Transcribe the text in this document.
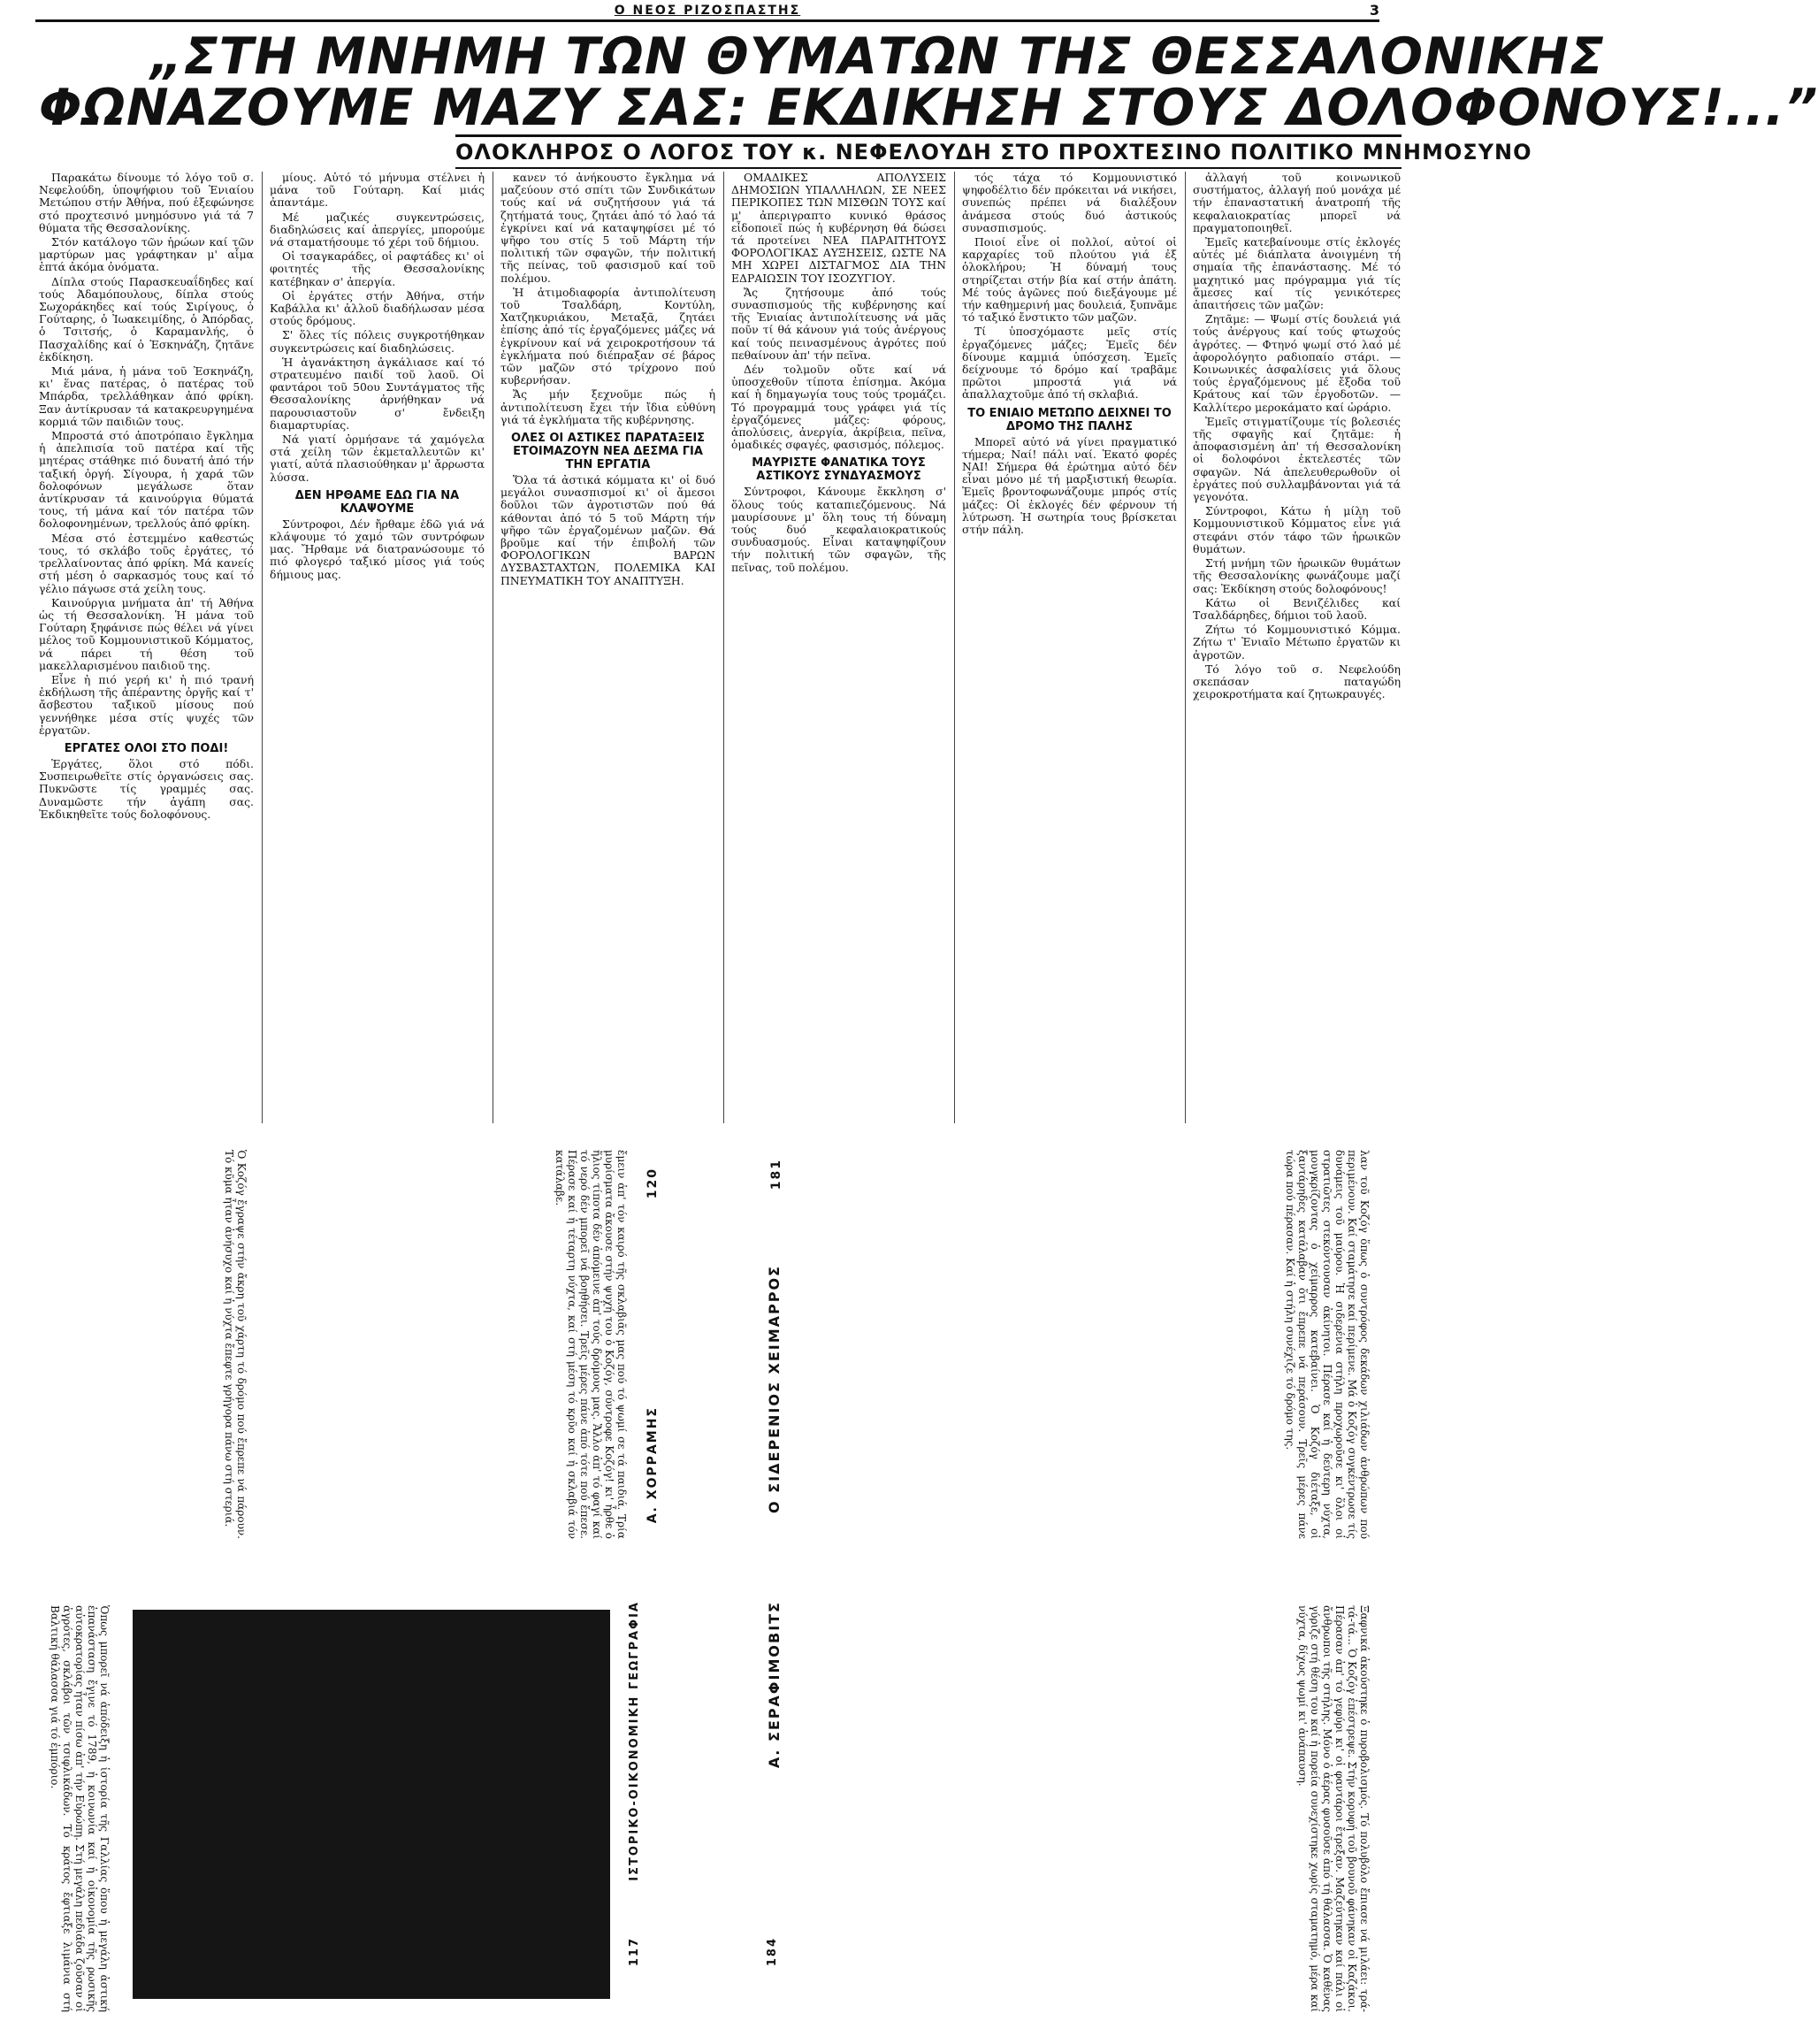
Ο ΝΕΟΣ ΡΙΖΟΣΠΑΣΤΗΣ	3
„ΣΤΗ ΜΝΗΜΗ ΤΩΝ ΘΥΜΑΤΩΝ ΤΗΣ ΘΕΣΣΑΛΟΝΙΚΗΣ
ΦΩΝΑΖΟΥΜΕ ΜΑΖΥ ΣΑΣ: ΕΚΔΙΚΗΣΗ ΣΤΟΥΣ ΔΟΛΟΦΟΝΟΥΣ!...”
ΟΛΟΚΛΗΡΟΣ Ο ΛΟΓΟΣ ΤΟΥ κ. ΝΕΦΕΛΟΥΔΗ ΣΤΟ ΠΡΟΧΤΕΣΙΝΟ ΠΟΛΙΤΙΚΟ ΜΝΗΜΟΣΥΝΟ

Παρακάτω δίνουμε τό λόγο τοῦ σ. Νεφελούδη, ὑποψήφιου τοῦ Ἑνιαίου Μετώπου στήν Ἀθήνα, πού ἐξεφώνησε στό προχτεσινό μνημόσυνο γιά τά 7 θύματα τῆς Θεσσαλονίκης.

Στόν κατάλογο τῶν ἡρώων καί τῶν μαρτύρων μας γράφτηκαν μ' αἷμα ἑπτά ἀκόμα ὀνόματα.

Δίπλα στούς Παρασκευαΐδηδες καί τούς Ἀδαμόπουλους, δίπλα στούς Σωχοράκηδες καί τούς Σιρίγους, ὁ Γούταρης, ὁ Ἰωακειμίδης, ὁ Ἀπόρδας, ὁ Τσιτσής, ὁ Καραμανλής, ὁ Πασχαλίδης καί ὁ Ἐσκηνάζη, ζητᾶνε ἐκδίκηση.

Μιά μάνα, ἡ μάνα τοῦ Ἐσκηνάζη, κι' ἕνας πατέρας, ὁ πατέρας τοῦ Μπάρδα, τρελλάθηκαν ἀπό φρίκη. Ξαν ἀντίκρυσαν τά κατακρευργημένα κορμιά τῶν παιδιῶν τους.

Μπροστά στό ἀποτρόπαιο ἔγκλημα ἡ ἀπελπισία τοῦ πατέρα καί τῆς μητέρας στάθηκε πιό δυνατή ἀπό τήν ταξική ὀργή. Σίγουρα, ἡ χαρά τῶν δολοφόνων μεγάλωσε ὅταν ἀντίκρυσαν τά καινούργια θύματά τους, τή μάνα καί τόν πατέρα τῶν δολοφονημένων, τρελλούς ἀπό φρίκη.

Μέσα στό ἐστεμμένο καθεστώς τους, τό σκλάβο τοῦς ἐργάτες, τό τρελλαίνοντας ἀπό φρίκη. Μά κανείς στή μέση ὁ σαρκασμός τους καί τό γέλιο πάγωσε στά χείλη τους.

Καινούργια μνήματα ἀπ' τή Ἀθήνα ὡς τή Θεσσαλονίκη. Ἡ μάνα τοῦ Γούταρη ξηφάνισε πώς θέλει νά γίνει μέλος τοῦ Κομμουνιστικοῦ Κόμματος, νά πάρει τή θέση τοῦ μακελλαρισμένου παιδιοῦ της.

Εἶνε ἡ πιό γερή κι' ἡ πιό τρανή ἐκδήλωση τῆς ἀπέραντης ὀργῆς καί τ' ἄσβεστου ταξικοῦ μίσους πού γεννήθηκε μέσα στίς ψυχές τῶν ἐργατῶν.

ΕΡΓΑΤΕΣ ΟΛΟΙ ΣΤΟ ΠΟΔΙ!

Ἐργάτες, ὅλοι στό πόδι. Συσπειρωθεῖτε στίς ὀργανώσεις σας. Πυκνῶστε τίς γραμμές σας. Δυναμῶστε τήν ἀγάπη σας. Ἐκδικηθεῖτε τούς δολοφόνους.

μίους. Αὐτό τό μήνυμα στέλνει ἡ μάνα τοῦ Γούταρη. Καί μιάς ἀπαντάμε.

Μέ μαζικές συγκεντρώσεις, διαδηλώσεις καί ἀπεργίες, μπορούμε νά σταματήσουμε τό χέρι τοῦ δήμιου.

Οἱ τσαγκαράδες, οἱ ραφτάδες κι' οἱ φοιτητές τῆς Θεσσαλονίκης κατέβηκαν σ' ἀπεργία.

Οἱ ἐργάτες στήν Ἀθήνα, στήν Καβάλλα κι' ἀλλοῦ διαδήλωσαν μέσα στούς δρόμους.

Σ' ὅλες τίς πόλεις συγκροτήθηκαν συγκεντρώσεις καί διαδηλώσεις.

Ἡ ἀγανάκτηση ἀγκάλιασε καί τό στρατευμένο παιδί τοῦ λαοῦ. Οἱ φαντάροι τοῦ 50ου Συντάγματος τῆς Θεσσαλονίκης ἀρνήθηκαν νά παρουσιαστοῦν σ' ἔνδειξη διαμαρτυρίας.

Νά γιατί ὁρμήσανε τά χαμόγελα στά χείλη τῶν ἐκμεταλλευτῶν κι' γιατί, αὐτά πλασιούθηκαν μ' ἄρρωστα λύσσα.

ΔΕΝ ΗΡΘΑΜΕ ΕΔΩ ΓΙΑ ΝΑ ΚΛΑΨΟΥΜΕ

Σύντροφοι, Δέν ἤρθαμε ἐδῶ γιά νά κλάψουμε τό χαμό τῶν συντρόφων μας. Ἤρθαμε νά διατρανώσουμε τό πιό φλογερό ταξικό μίσος γιά τούς δήμιους μας.

κανεν τό ἀνήκουστο ἔγκλημα νά μαζεύουν στό σπίτι τῶν Συνδικάτων τούς καί νά συζητήσουν γιά τά ζητήματά τους, ζητάει ἀπό τό λαό τά ἐγκρίνει καί νά καταψηφίσει μέ τό ψῆφο του στίς 5 τοῦ Μάρτη τήν πολιτική τῶν σφαγῶν, τήν πολιτική τῆς πείνας, τοῦ φασισμοῦ καί τοῦ πολέμου.

Ἡ ἀτιμοδιαφορία ἀντιπολίτευση τοῦ Τσαλδάρη, Κοντύλη, Χατζηκυριάκου, Μεταξᾶ, ζητάει ἐπίσης ἀπό τίς ἐργαζόμενες μάζες νά ἐγκρίνουν καί νά χειροκροτήσουν τά ἐγκλήματα πού διέπραξαν σέ βάρος τῶν μαζῶν στό τρίχρονο πού κυβερνήσαν.

Ἄς μήν ξεχνοῦμε πώς ἡ ἀντιπολίτευση ἔχει τήν ἴδια εὐθύνη γιά τά ἐγκλήματα τῆς κυβέρνησης.

ΟΛΕΣ ΟΙ ΑΣΤΙΚΕΣ ΠΑΡΑΤΑΞΕΙΣ ΕΤΟΙΜΑΖΟΥΝ ΝΕΑ ΔΕΣΜΑ ΓΙΑ ΤΗΝ ΕΡΓΑΤΙΑ

Ὅλα τά ἀστικά κόμματα κι' οἱ δυό μεγάλοι συνασπισμοί κι' οἱ ἄμεσοι δοῦλοι τῶν ἀγροτιστῶν πού θά κάθονται ἀπό τό 5 τοῦ Μάρτη τήν ψῆφο τῶν ἐργαζομένων μαζῶν. Θά βροῦμε καί τήν ἐπιβολή τῶν ΦΟΡΟΛΟΓΙΚΩΝ ΒΑΡΩΝ ΔΥΣΒΑΣΤΑΧΤΩΝ, ΠΟΛΕΜΙΚΑ ΚΑΙ ΠΝΕΥΜΑΤΙΚΗ ΤΟΥ ΑΝΑΠΤΥΞΗ.

ΟΜΑΔΙΚΕΣ ΑΠΟΛΥΣΕΙΣ ΔΗΜΟΣΙΩΝ ΥΠΑΛΛΗΛΩΝ, ΣΕ ΝΕΕΣ ΠΕΡΙΚΟΠΕΣ ΤΩΝ ΜΙΣΘΩΝ ΤΟΥΣ καί μ' ἀπεριγραπτο κυνικό θράσος εἶδοποιεῖ πώς ἡ κυβέρνηση θά δώσει τά προτείνει ΝΕΑ ΠΑΡΑΙΤΗΤΟΥΣ ΦΟΡΟΛΟΓΙΚΑΣ ΑΥΞΗΣΕΙΣ, ΩΣΤΕ ΝΑ ΜΗ ΧΩΡΕΙ ΔΙΣΤΑΓΜΟΣ ΔΙΑ ΤΗΝ ΕΔΡΑΙΩΣΙΝ ΤΟΥ ΙΣΟΖΥΓΙΟΥ.

Ἄς ζητήσουμε ἀπό τούς συνασπισμούς τῆς κυβέρνησης καί τῆς Ἐνιαίας ἀντιπολίτευσης νά μᾶς ποῦν τί θά κάνουν γιά τούς ἀνέργους καί τούς πεινασμένους ἀγρότες πού πεθαίνουν ἀπ' τήν πεῖνα.

Δέν τολμοῦν οὔτε καί νά ὑποσχεθοῦν τίποτα ἐπίσημα. Ἀκόμα καί ἡ δημαγωγία τους τούς τρομάζει. Τό προγραμμά τους γράφει γιά τίς ἐργαζόμενες μάζες: φόρους, ἀπολύσεις, ἀνεργία, ἀκρίβεια, πεῖνα, ὁμαδικές σφαγές, φασισμός, πόλεμος.

ΜΑΥΡΙΣΤΕ ΦΑΝΑΤΙΚΑ ΤΟΥΣ ΑΣΤΙΚΟΥΣ ΣΥΝΔΥΑΣΜΟΥΣ

Σύντροφοι, Κάνουμε ἔκκληση σ' ὅλους τούς καταπιεζόμενους. Νά μαυρίσουνε μ' ὅλη τους τή δύναμη τούς δυό κεφαλαιοκρατικούς συνδυασμούς. Εἶναι καταψηφίζουν τήν πολιτική τῶν σφαγῶν, τῆς πεῖνας, τοῦ πολέμου.

τός τάχα τό Κομμουνιστικό ψηφοδέλτιο δέν πρόκειται νά νικήσει, συνεπώς πρέπει νά διαλέξουν ἀνάμεσα στούς δυό ἀστικούς συνασπισμούς.

Ποιοί εἶνε οἱ πολλοί, αὐτοί οἱ καρχαρίες τοῦ πλούτου γιά ἐξ ὁλοκλήρου; Ἡ δύναμή τους στηρίζεται στήν βία καί στήν ἀπάτη. Μέ τούς ἀγῶνες πού διεξάγουμε μέ τήν καθημερινή μας δουλειά, ξυπνᾶμε τό ταξικό ἔνστικτο τῶν μαζῶν.

Τί ὑποσχόμαστε μεῖς στίς ἐργαζόμενες μάζες; Ἐμεῖς δέν δίνουμε καμμιά ὑπόσχεση. Ἐμεῖς δείχνουμε τό δρόμο καί τραβᾶμε πρῶτοι μπροστά γιά νά ἀπαλλαχτοῦμε ἀπό τή σκλαβιά.

ΤΟ ΕΝΙΑΙΟ ΜΕΤΩΠΟ ΔΕΙΧΝΕΙ ΤΟ ΔΡΟΜΟ ΤΗΣ ΠΑΛΗΣ

Μπορεῖ αὐτό νά γίνει πραγματικό τήμερα; Ναί! πάλι ναί. Ἑκατό φορές ΝΑΙ! Σήμερα θά ἐρώτημα αὐτό δέν εἶναι μόνο μέ τή μαρξιστική θεωρία. Ἐμεῖς βροντοφωνάζουμε μπρός στίς μάζες: Οἱ ἐκλογές δέν φέρνουν τή λύτρωση. Ἡ σωτηρία τους βρίσκεται στήν πάλη.

ἀλλαγή τοῦ κοινωνικοῦ συστήματος, ἀλλαγή πού μονάχα μέ τήν ἐπαναστατική ἀνατροπή τῆς κεφαλαιοκρατίας μπορεῖ νά πραγματοποιηθεῖ.

Ἐμεῖς κατεβαίνουμε στίς ἐκλογές αὐτές μέ διάπλατα ἀνοιγμένη τή σημαία τῆς ἐπανάστασης. Μέ τό μαχητικό μας πρόγραμμα γιά τίς ἄμεσες καί τίς γενικότερες ἀπαιτήσεις τῶν μαζῶν:

Ζητᾶμε: — Ψωμί στίς δουλειά γιά τούς ἀνέργους καί τούς φτωχούς ἀγρότες. — Φτηνό ψωμί στό λαό μέ ἀφορολόγητο ραδιοπαίο στάρι. — Κοινωνικές ἀσφαλίσεις γιά ὅλους τούς ἐργαζόμενους μέ ἔξοδα τοῦ Κράτους καί τῶν ἐργοδοτῶν. — Καλλίτερο μεροκάματο καί ὡράριο.

Ἐμεῖς στιγματίζουμε τίς βολεσιές τῆς σφαγῆς καί ζητᾶμε: ἡ ἀποφασισμένη ἀπ' τή Θεσσαλονίκη οἱ δολοφόνοι ἐκτελεστές τῶν σφαγῶν. Νά ἀπελευθερωθοῦν οἱ ἐργάτες πού συλλαμβάνονται γιά τά γεγονότα.

Σύντροφοι, Κάτω ἡ μίλη τοῦ Κομμουνιστικοῦ Κόμματος εἶνε γιά στεφάνι στόν τάφο τῶν ἡρωικῶν θυμάτων.

Στή μνήμη τῶν ἡρωικῶν θυμάτων τῆς Θεσσαλονίκης φωνάζουμε μαζί σας: Ἐκδίκηση στούς δολοφόνους!

Κάτω οἱ Βενιζέλιδες καί Τσαλδάρηδες, δήμιοι τοῦ λαοῦ.

Ζήτω τό Κομμουνιστικό Κόμμα. Ζήτω τ' Ἑνιαῖο Μέτωπο ἐργατῶν κι ἀγροτῶν.

Τό λόγο τοῦ σ. Νεφελούδη σκεπάσαν παταγώδη χειροκροτήματα καί ζητωκραυγές.

Ὁ Κοζόγ ἔγραψε στήν ἄκρη τοῦ χάρτη τό δρόμο πού ἔπρεπε νά πάρουν. Τό κῦμα ἦταν ἀνήσυχο καί ἡ νύχτα ἔπεφτε γρήγορα πάνω στή στεριά.	ἔμειν ἀπ' τόν καιρό τῆς σκλαβιᾶς μας πού τό ψωμί σε τά παιδιά. Τρία μυρίσματα ἄκουσε στήν ψυχή του ὁ Κοζόγ, σύντροφε Κοζόγ! κι' ἦρθε ὁ ἥλιος τίποτα δέν ἀπόμεινε ἀπ' τούς δρόμους μας. Ἄλλο ἀπ' τό φαγί καί τό νερό δέν μπορεῖ νά βοηθήσει. Τρεῖς μέρες πάνε ἀπό τότε πού ἔπεσε. Πέρασε καί ἡ τέταρτη νύχτα, καί στή μέση τό κρῦο καί ἡ σκλαβιά τόν κατάλαβε.	120
Α. ΧΟΡΡΑΜΗΣ
181
Ο ΣΙΔΕΡΕΝΙΟΣ ΧΕΙΜΑΡΡΟΣ	λαν τοῦ Κοζόγ ὅπως ὁ συντρόφος δεκάδων χιλιάδων ἀνθρώπων πού περιμένουν. Καί σταμάτησε καί περίμενε. Μά ὁ Κοζόγ συγκέντρωσε τίς δυνάμεις τοῦ μαύρου. Ἡ σιδερένια στήλη προχωροῦσε κι' ὅλοι οἱ στρατιῶτες στεκόντουσαν ἀκίνητοι. Πέρασε καί ἡ δεύτερη νύχτα, μουγκρίζοντας ὁ χείμαρρος κατεβαίνει. Ὁ Κοζόγ διέταξε, οἱ ξαντάρηδες κατάλαβαν ὅτι ἔπρεπε νά περάσουν. Τρεῖς μέρες πάνε τώρα πού πέρασαν. Καί ἡ στήλη συνέχιζε τό δρόμο της.
Ὁπως μπορεῖ νά ἀπόδειξη ἡ ἱστορία τῆς Γαλλίας ὅπου ἡ μεγάλη ἀστική ἐπανάσταση ἔγινε τό 1789, ἡ κοινωνία καί ἡ οἰκονομία τῆς ρωσικῆς αὐτοκρατορίας ἦταν πίσω ἀπ' τήν Εὐρώπη. Στή μεγάλη πεδιάδα ζοῦσαν οἱ ἀγρότες, σκλάβοι τῶν τσιφλικάδων. Τό κράτος ἔφτιαξε λιμάνια στή Βαλτική θάλασσα γιά τό ἐμπόριο.	ΙΣΤΟΡΙΚΟ-ΟΙΚΟΝΟΜΙΚΗ ΓΕΩΓΡΑΦΙΑ
117
Α. ΣΕΡΑΦΙΜΟΒΙΤΣ
184	Ξαφνικά ἀκούστηκε ὁ πυροβολισμός. Τό πολυβόλο ἔπιασε νά μιλάει: τρά-τά-τά... Ὁ Κοζόγ ἐπέστρεψε. Στήν κορυφή τοῦ βουνοῦ φάνηκαν οἱ Καζάκοι. Πέρασαν ἀπ' τό γεφύρι κι' οἱ φαντάροι ἔτρεξαν. Μαζεύτηκαν καί πάλι οἱ ἄνθρωποι τῆς στήλης. Μόνο ὁ ἀέρας φυσοῦσε ἀπό τή θάλασσα. Ὁ καθένας γύριζε στή θέση του καί ἡ πορεία συνεχίστηκε χωρίς σταματημό, μέρα καί νύχτα, δίχως ψωμί κι' ἀνάπαυση.
